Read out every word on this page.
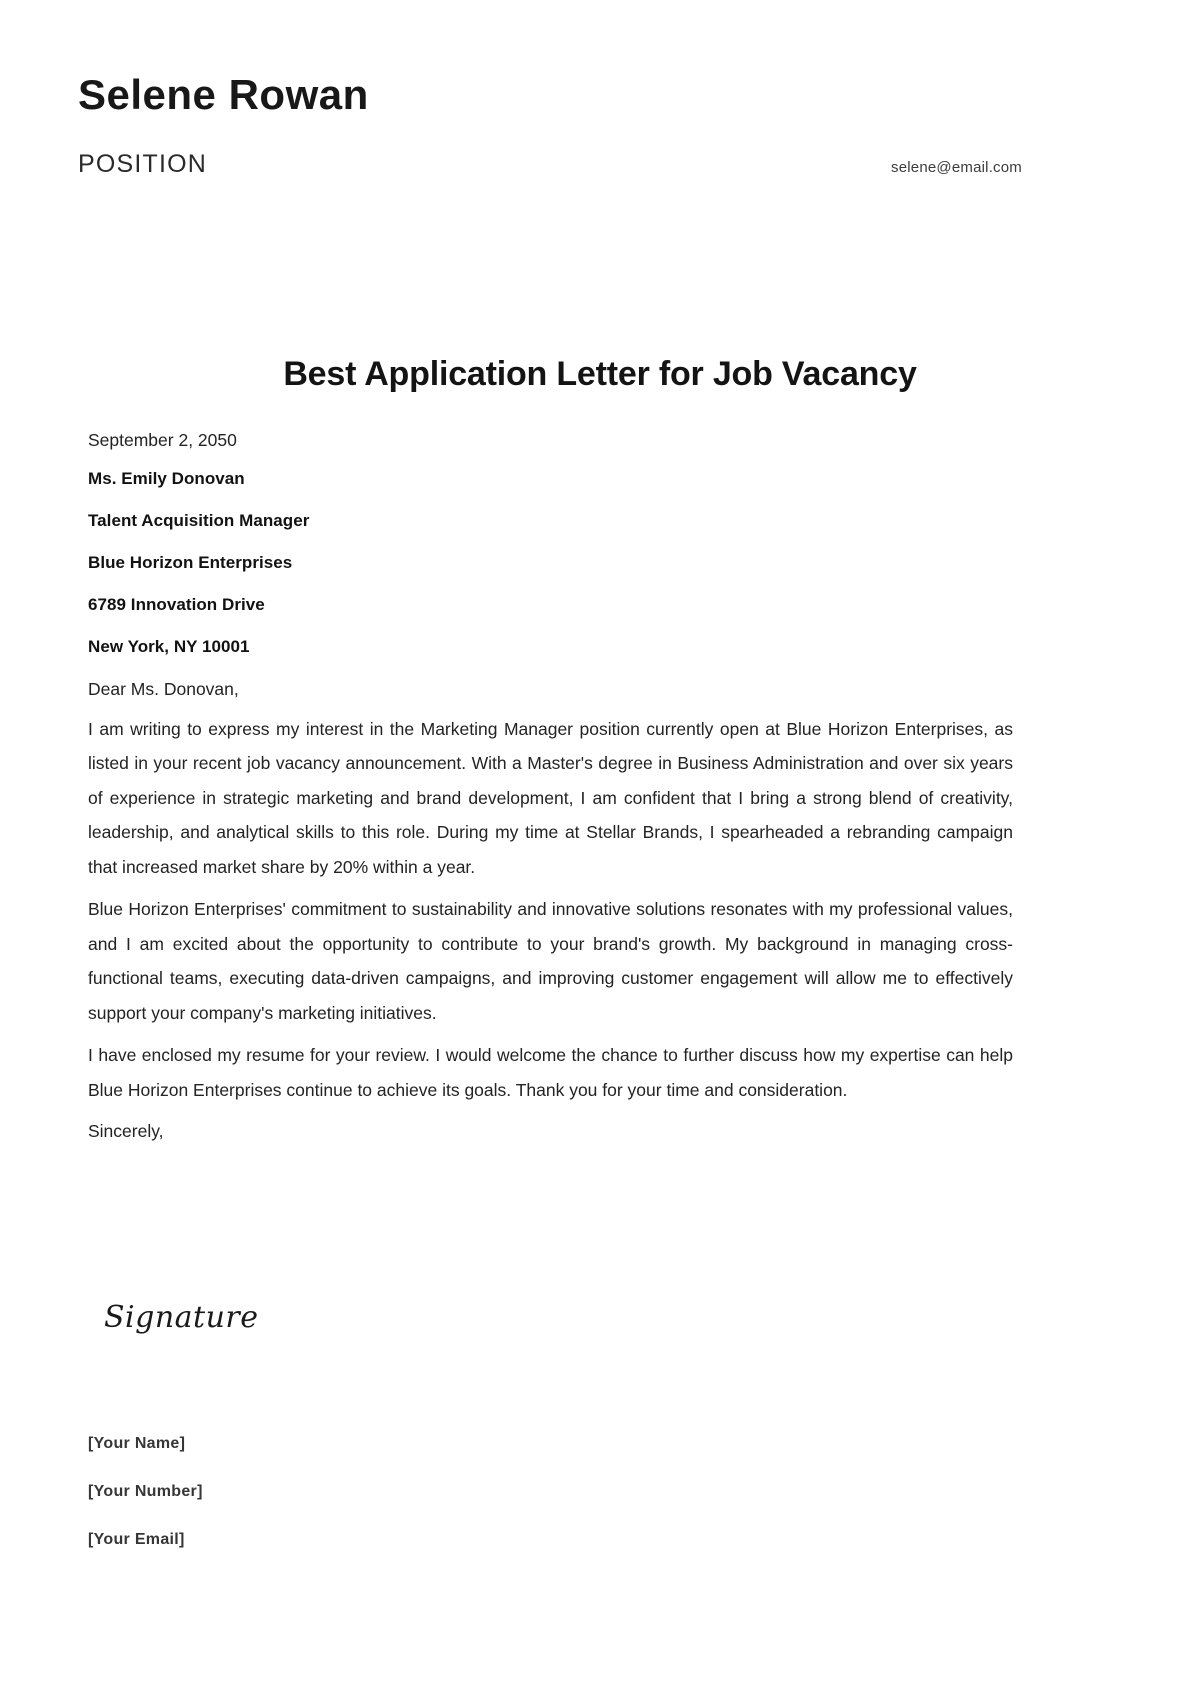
Selene Rowan
POSITION	selene@email.com
Best Application Letter for Job Vacancy
September 2, 2050
Ms. Emily Donovan
Talent Acquisition Manager
Blue Horizon Enterprises
6789 Innovation Drive
New York, NY 10001
Dear Ms. Donovan,

I am writing to express my interest in the Marketing Manager position currently open at Blue Horizon Enterprises, as listed in your recent job vacancy announcement. With a Master's degree in Business Administration and over six years of experience in strategic marketing and brand development, I am confident that I bring a strong blend of creativity, leadership, and analytical skills to this role. During my time at Stellar Brands, I spearheaded a rebranding campaign that increased market share by 20% within a year.

Blue Horizon Enterprises' commitment to sustainability and innovative solutions resonates with my professional values, and I am excited about the opportunity to contribute to your brand's growth. My background in managing cross-functional teams, executing data-driven campaigns, and improving customer engagement will allow me to effectively support your company's marketing initiatives.

I have enclosed my resume for your review. I would welcome the chance to further discuss how my expertise can help Blue Horizon Enterprises continue to achieve its goals. Thank you for your time and consideration.

Sincerely,
Signature
[Your Name]
[Your Number]
[Your Email]
